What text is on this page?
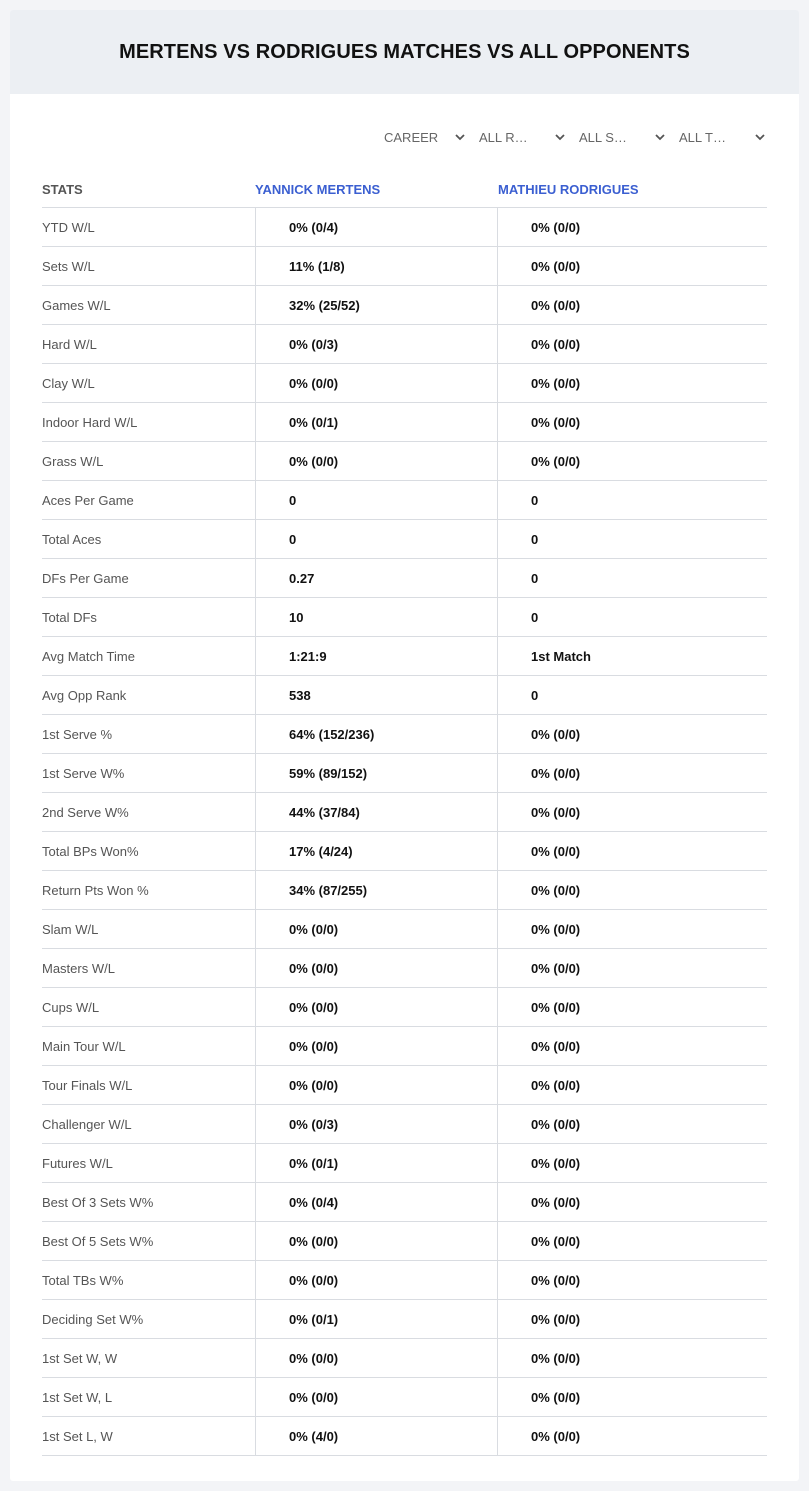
MERTENS VS RODRIGUES MATCHES VS ALL OPPONENTS
CAREER	ALL R…	ALL S…	ALL T…
STATS	YANNICK MERTENS	MATHIEU RODRIGUES
YTD W/L	0% (0/4)	0% (0/0)
Sets W/L	11% (1/8)	0% (0/0)
Games W/L	32% (25/52)	0% (0/0)
Hard W/L	0% (0/3)	0% (0/0)
Clay W/L	0% (0/0)	0% (0/0)
Indoor Hard W/L	0% (0/1)	0% (0/0)
Grass W/L	0% (0/0)	0% (0/0)
Aces Per Game	0	0
Total Aces	0	0
DFs Per Game	0.27	0
Total DFs	10	0
Avg Match Time	1:21:9	1st Match
Avg Opp Rank	538	0
1st Serve %	64% (152/236)	0% (0/0)
1st Serve W%	59% (89/152)	0% (0/0)
2nd Serve W%	44% (37/84)	0% (0/0)
Total BPs Won%	17% (4/24)	0% (0/0)
Return Pts Won %	34% (87/255)	0% (0/0)
Slam W/L	0% (0/0)	0% (0/0)
Masters W/L	0% (0/0)	0% (0/0)
Cups W/L	0% (0/0)	0% (0/0)
Main Tour W/L	0% (0/0)	0% (0/0)
Tour Finals W/L	0% (0/0)	0% (0/0)
Challenger W/L	0% (0/3)	0% (0/0)
Futures W/L	0% (0/1)	0% (0/0)
Best Of 3 Sets W%	0% (0/4)	0% (0/0)
Best Of 5 Sets W%	0% (0/0)	0% (0/0)
Total TBs W%	0% (0/0)	0% (0/0)
Deciding Set W%	0% (0/1)	0% (0/0)
1st Set W, W	0% (0/0)	0% (0/0)
1st Set W, L	0% (0/0)	0% (0/0)
1st Set L, W	0% (4/0)	0% (0/0)
